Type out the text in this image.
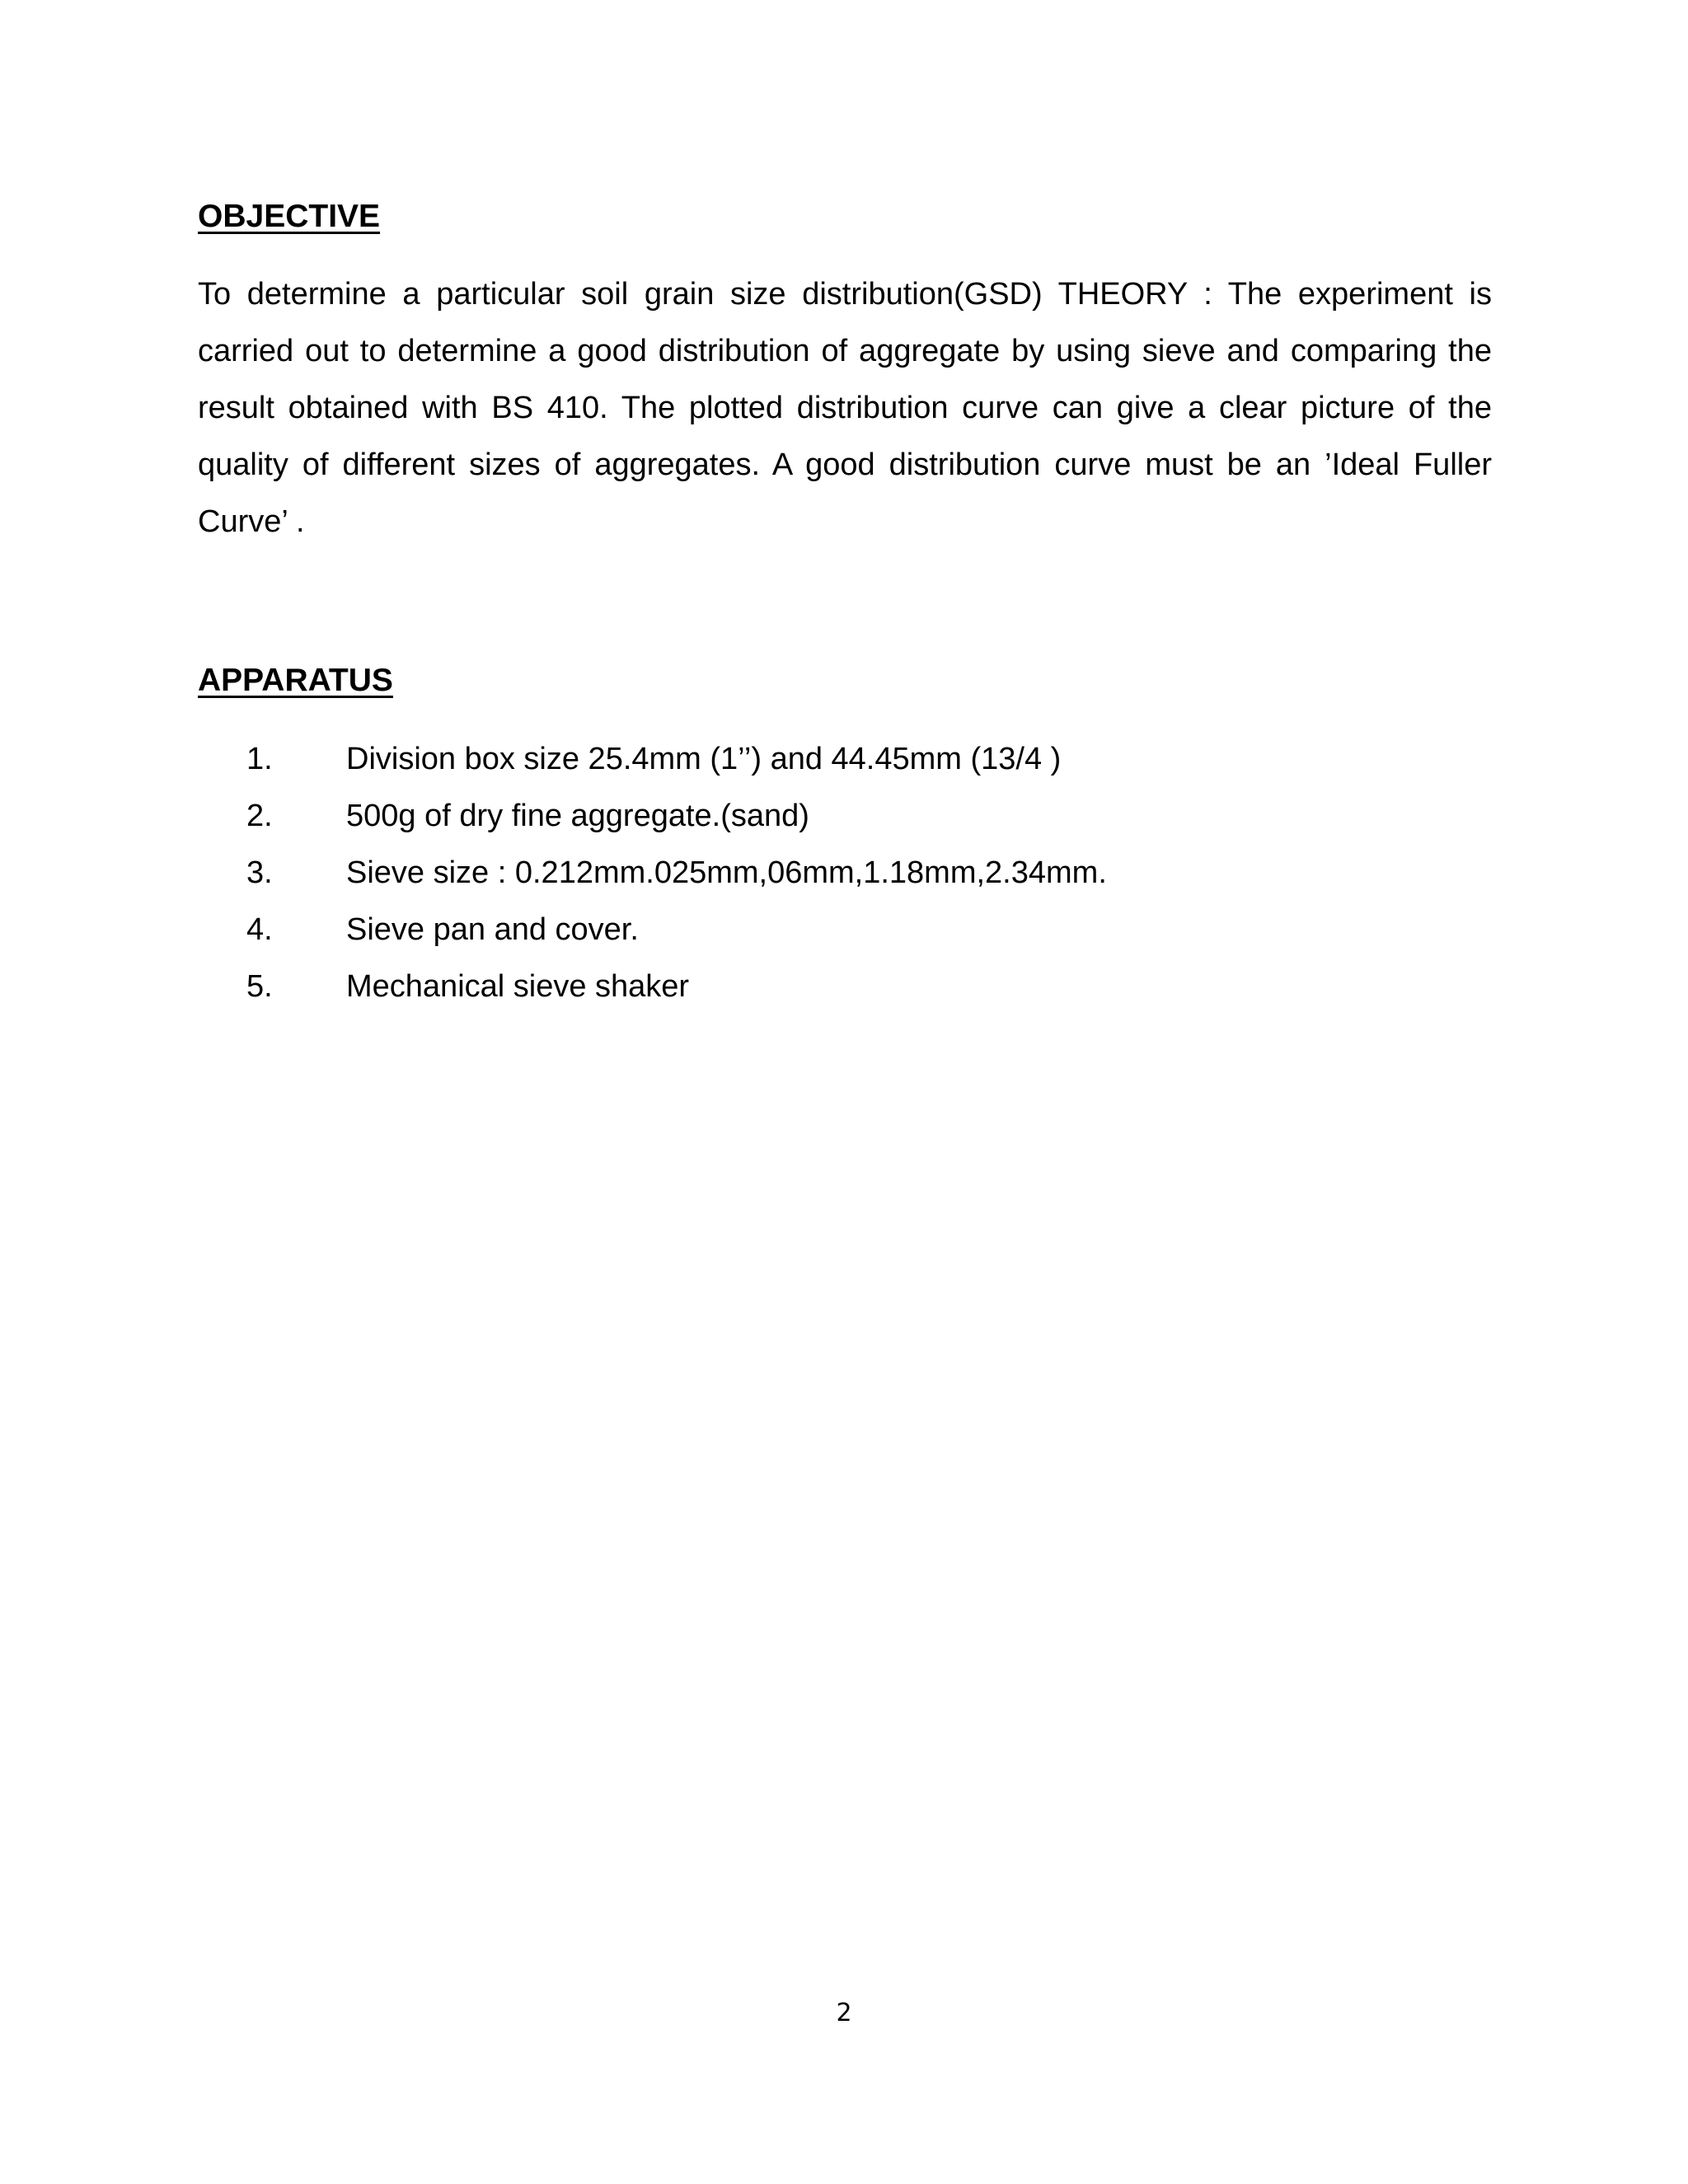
OBJECTIVE

To determine a particular soil grain size distribution(GSD) THEORY : The experiment is carried out to determine a good distribution of aggregate by using sieve and comparing the result obtained with BS 410. The plotted distribution curve can give a clear picture of the quality of different sizes of aggregates. A good distribution curve must be an ’Ideal Fuller Curve’ .

APPARATUS
1. Division box size 25.4mm (1’’) and 44.45mm (13/4 )
2. 500g of dry fine aggregate.(sand)
3. Sieve size : 0.212mm.025mm,06mm,1.18mm,2.34mm.
4. Sieve pan and cover.
5. Mechanical sieve shaker
2
